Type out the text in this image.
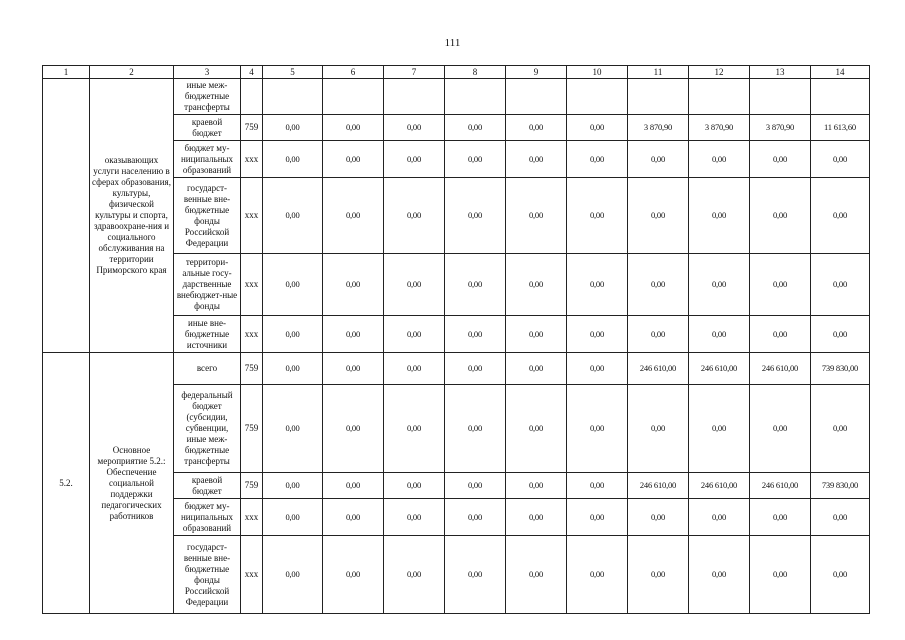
111
1	2	3	4	5	6	7	8	9	10	11	12	13	14
	оказывающих услуги населению в сферах образования, культуры, физической культуры и спорта, здравоохране-ния и социального обслуживания на территории Приморского края	иные меж-бюджетные трансферты											
		краевой бюджет	759	0,00	0,00	0,00	0,00	0,00	0,00	3 870,90	3 870,90	3 870,90	11 613,60
		бюджет му-ниципальных образований	xxx	0,00	0,00	0,00	0,00	0,00	0,00	0,00	0,00	0,00	0,00
		государст-венные вне-бюджетные фонды Российской Федерации	xxx	0,00	0,00	0,00	0,00	0,00	0,00	0,00	0,00	0,00	0,00
		территори-альные госу-дарственные внебюджет-ные фонды	xxx	0,00	0,00	0,00	0,00	0,00	0,00	0,00	0,00	0,00	0,00
		иные вне-бюджетные источники	xxx	0,00	0,00	0,00	0,00	0,00	0,00	0,00	0,00	0,00	0,00
5.2.	Основное мероприятие 5.2.: Обеспечение социальной поддержки педагогических работников	всего	759	0,00	0,00	0,00	0,00	0,00	0,00	246 610,00	246 610,00	246 610,00	739 830,00
		федеральный бюджет (субсидии, субвенции, иные меж-бюджетные трансферты	759	0,00	0,00	0,00	0,00	0,00	0,00	0,00	0,00	0,00	0,00
		краевой бюджет	759	0,00	0,00	0,00	0,00	0,00	0,00	246 610,00	246 610,00	246 610,00	739 830,00
		бюджет му-ниципальных образований	xxx	0,00	0,00	0,00	0,00	0,00	0,00	0,00	0,00	0,00	0,00
		государст-венные вне-бюджетные фонды Российской Федерации	xxx	0,00	0,00	0,00	0,00	0,00	0,00	0,00	0,00	0,00	0,00
